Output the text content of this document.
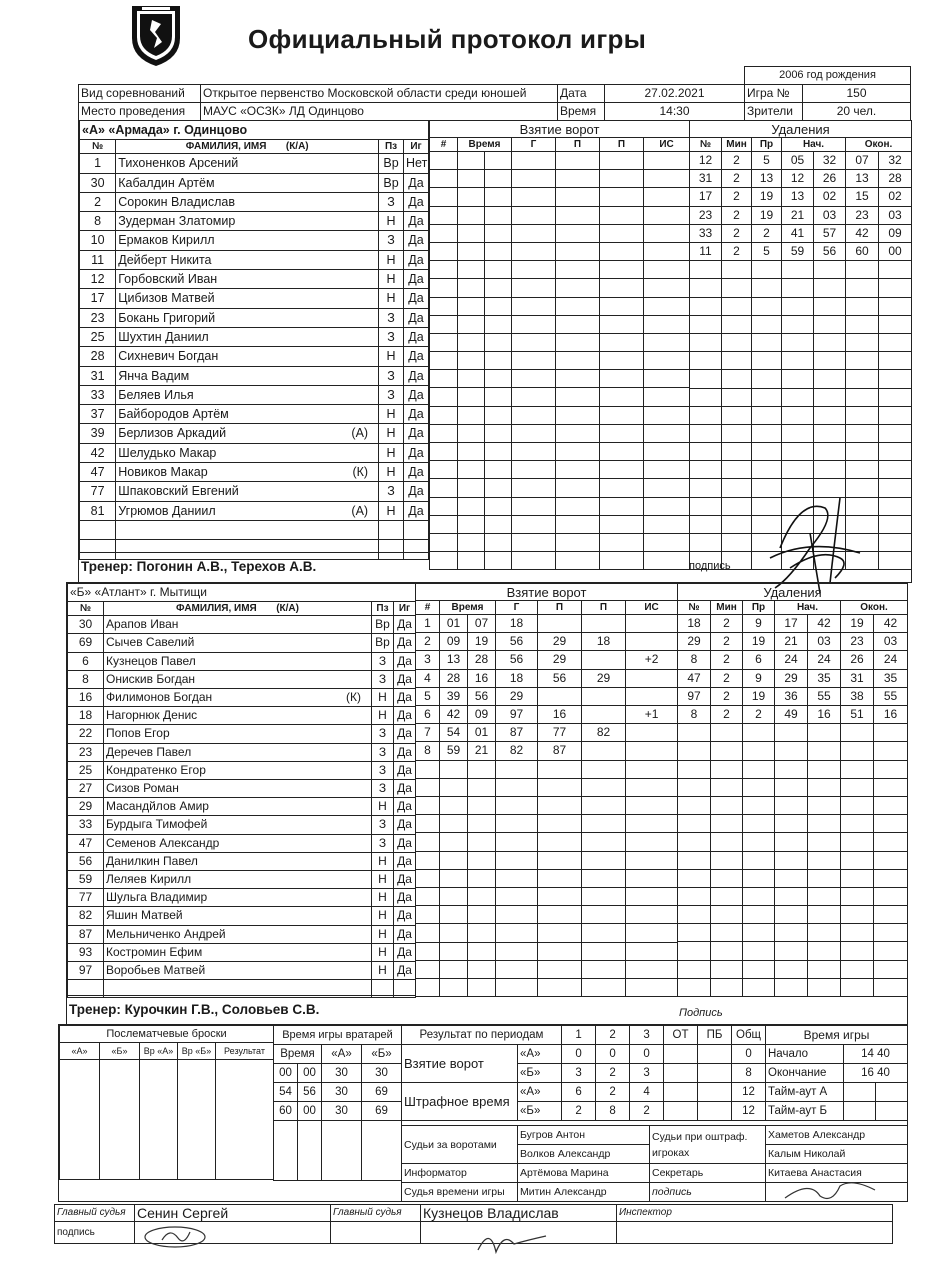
Официальный протокол игры
				2006 год рождения	
Вид соревнований	Открытое первенство Московской области среди юношей	Дата	27.02.2021	Игра №	150
Место проведения	МАУС «ОСЗК» ЛД Одинцово	Время	14:30	Зрители	20 чел.
«А» «Армада» г. Одинцово			
№	ФАМИЛИЯ, ИМЯ (К/А)	Пз	Иг
1	Тихоненков Арсений	Вр	Нет
30	Кабалдин Артём	Вр	Да
2	Сорокин Владислав	З	Да
8	Зудерман Златомир	Н	Да
10	Ермаков Кирилл	З	Да
11	Дейберт Никита	Н	Да
12	Горбовский Иван	Н	Да
17	Цибизов Матвей	Н	Да
23	Бокань Григорий	З	Да
25	Шухтин Даниил	З	Да
28	Сихневич Богдан	Н	Да
31	Янча Вадим	З	Да
33	Беляев Илья	З	Да
37	Байбородов Артём	Н	Да
39	Берлизов Аркадий (А)	Н	Да
42	Шелудько Макар	Н	Да
47	Новиков Макар (К)	Н	Да
77	Шпаковский Евгений	З	Да
81	Угрюмов Даниил (А)	Н	Да

Взятие ворот						
#	Время		Г	П	П	ИС

Удаления						
№	Мин	Пр	Нач.		Окон.	
12	2	5	05	32	07	32
31	2	13	12	26	13	28
17	2	19	13	02	15	02
23	2	19	21	03	23	03
33	2	2	41	57	42	09
11	2	5	59	56	60	00

Тренер: Погонин А.В., Терехов А.В.	подпись
«Б» «Атлант» г. Мытищи			
№	ФАМИЛИЯ, ИМЯ (К/А)	Пз	Иг
30	Арапов Иван	Вр	Да
69	Сычев Савелий	Вр	Да
6	Кузнецов Павел	З	Да
8	Онискив Богдан	З	Да
16	Филимонов Богдан (К)	Н	Да
18	Нагорнюк Денис	Н	Да
22	Попов Егор	З	Да
23	Деречев Павел	З	Да
25	Кондратенко Егор	З	Да
27	Сизов Роман	З	Да
29	Масандйлов Амир	Н	Да
33	Бурдыга Тимофей	З	Да
47	Семенов Александр	З	Да
56	Данилкин Павел	Н	Да
59	Леляев Кирилл	Н	Да
77	Шульга Владимир	Н	Да
82	Яшин Матвей	Н	Да
87	Мельниченко Андрей	Н	Да
93	Костромин Ефим	Н	Да
97	Воробьев Матвей	Н	Да

Взятие ворот						
#	Время		Г	П	П	ИС
1	01	07	18			
2	09	19	56	29	18	
3	13	28	56	29		+2
4	28	16	18	56	29	
5	39	56	29			
6	42	09	97	16		+1
7	54	01	87	77	82	
8	59	21	82	87		

Удаления						
№	Мин	Пр	Нач.		Окон.	
18	2	9	17	42	19	42
29	2	19	21	03	23	03
8	2	6	24	24	26	24
47	2	9	29	35	31	35
97	2	19	36	55	38	55
8	2	2	49	16	51	16

Тренер: Курочкин Г.В., Соловьев С.В.	Подпись
Послематчевые броски				
«А»	«Б»	Вр «А»	Вр «Б»	Результат

Время игры вратарей			
Время		«А»	«Б»
00	00	30	30
54	56	30	69
60	00	30	69

Результат по периодам		1	2	3	ОТ	ПБ	Общ
Взятие ворот	«А»	0	0	0			0
	«Б»	3	2	3			8
Штрафное время	«А»	6	2	4			12
	«Б»	2	8	2			12
Время игры		
Начало	14 40	
Окончание	16 40	
Тайм-аут А		
Тайм-аут Б		
Судьи за воротами	Бугров Антон	Судьи при оштраф. игроках	Хаметов Александр
	Волков Александр		Калым Николай
Информатор	Артёмова Марина	Секретарь	Китаева Анастасия
Судья времени игры	Митин Александр	подпись	
Главный судья	Сенин Сергей	Главный судья	Кузнецов Владислав	Инспектор
подпись				
